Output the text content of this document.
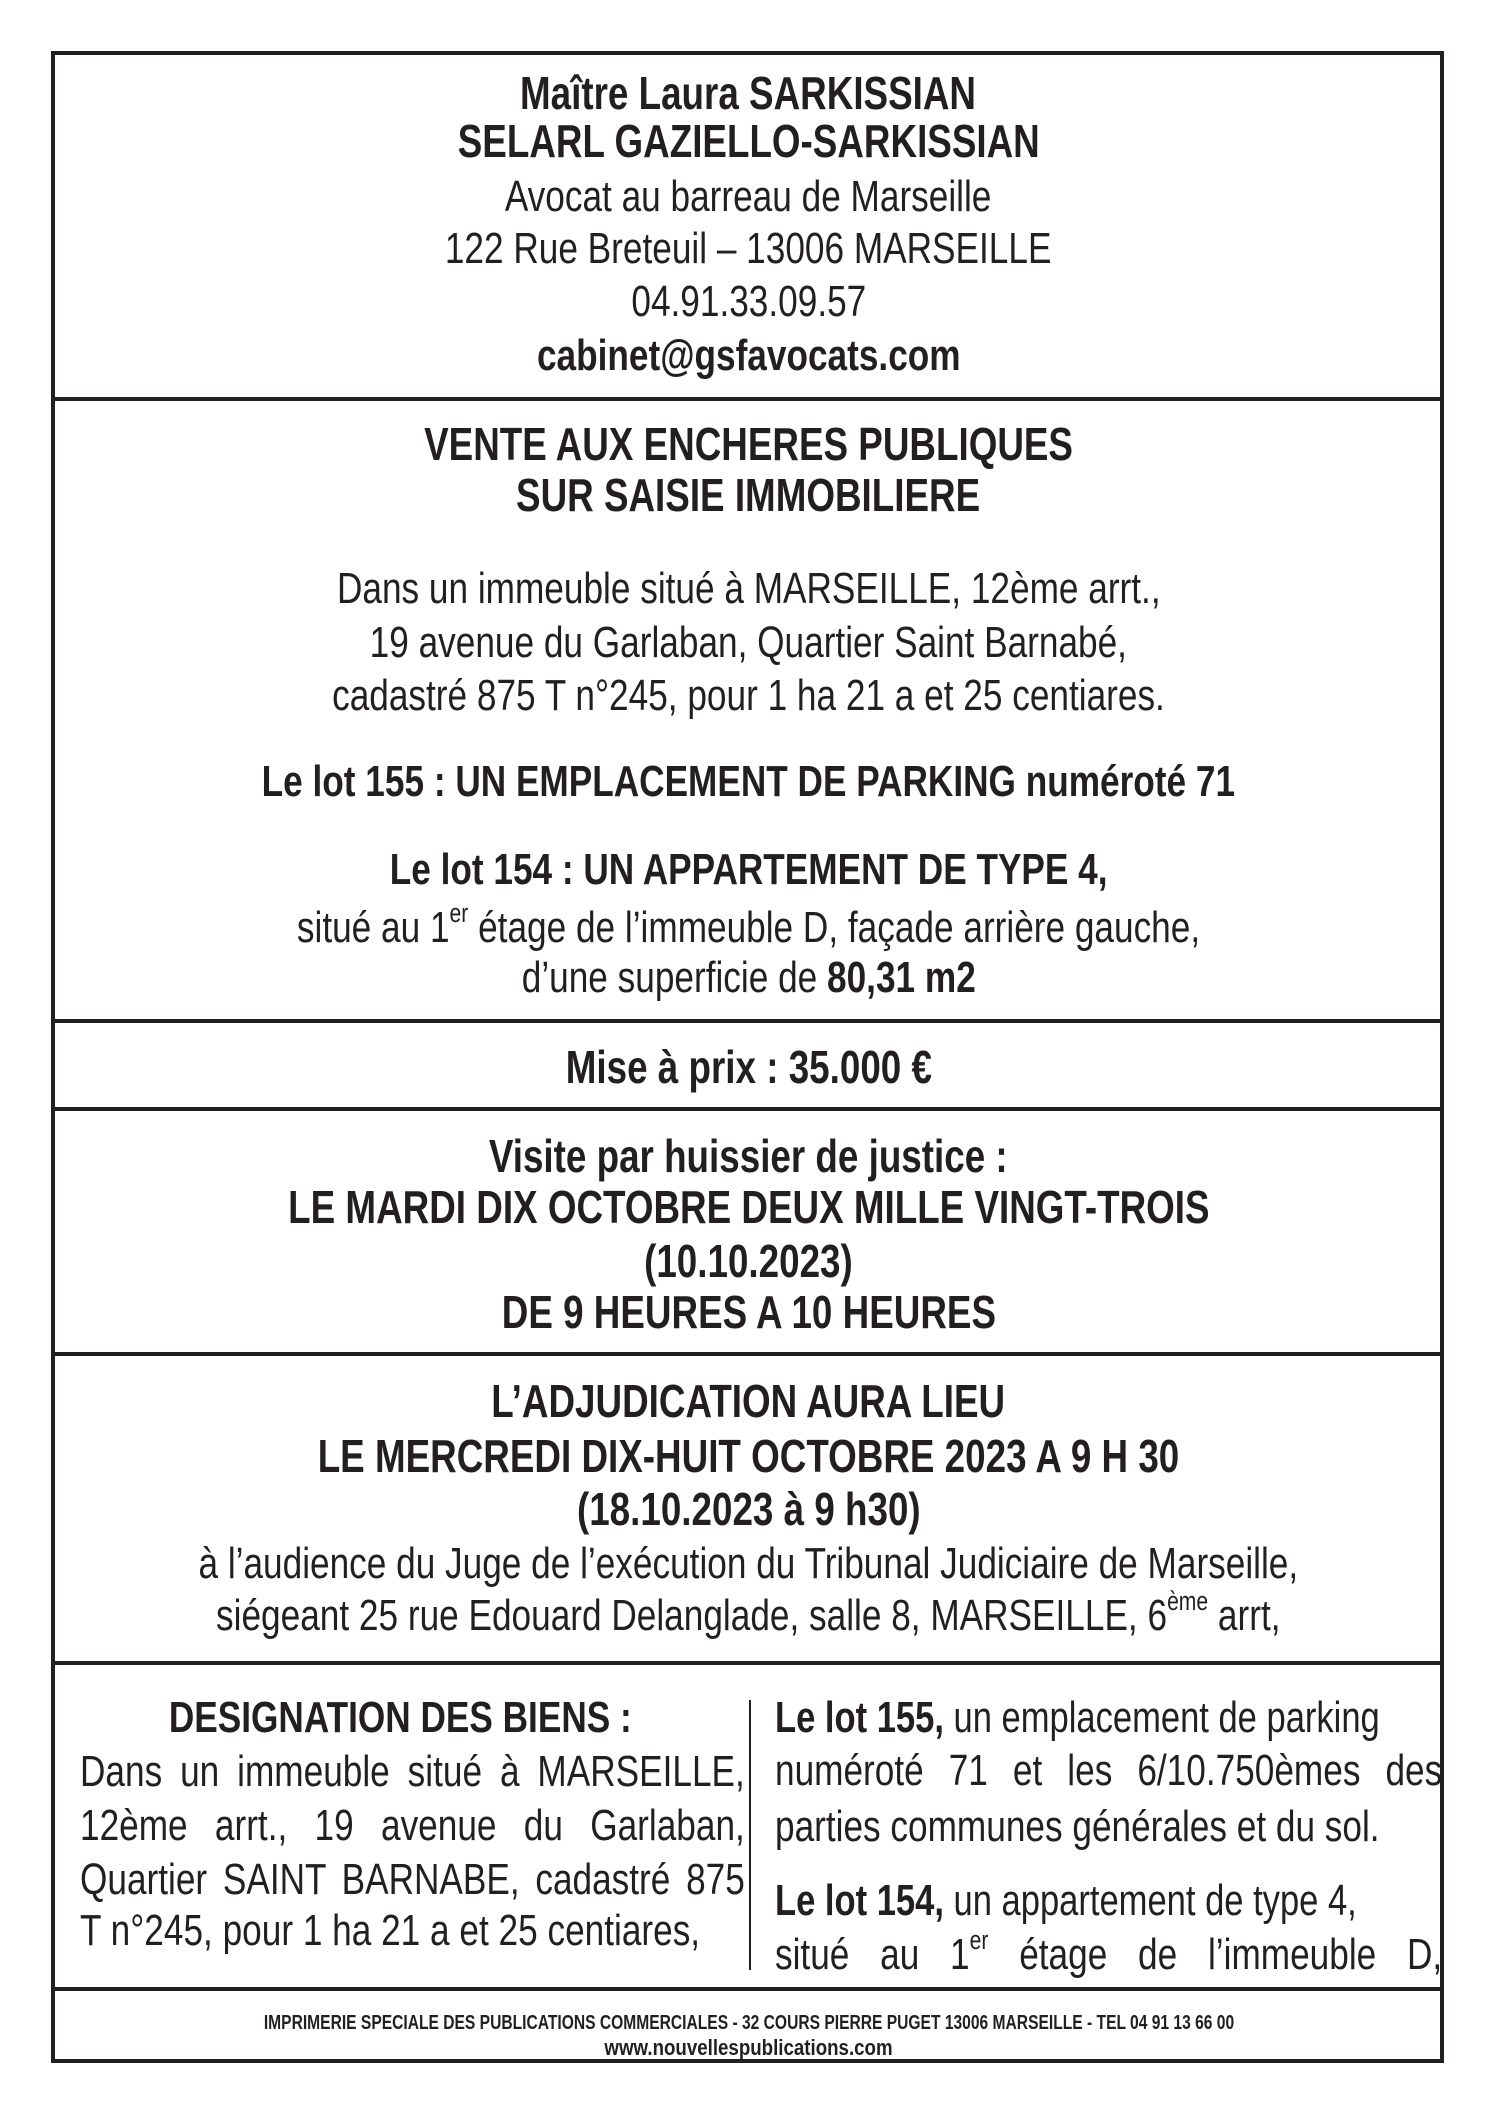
Maître Laura SARKISSIAN
SELARL GAZIELLO-SARKISSIAN
Avocat au barreau de Marseille
122 Rue Breteuil – 13006 MARSEILLE
04.91.33.09.57
cabinet@gsfavocats.com
VENTE AUX ENCHERES PUBLIQUES
SUR SAISIE IMMOBILIERE
Dans un immeuble situé à MARSEILLE, 12ème arrt.,
19 avenue du Garlaban, Quartier Saint Barnabé,
cadastré 875 T n°245, pour 1 ha 21 a et 25 centiares.
Le lot 155 : UN EMPLACEMENT DE PARKING numéroté 71
Le lot 154 : UN APPARTEMENT DE TYPE 4,
situé au 1er étage de l’immeuble D, façade arrière gauche,
d’une superficie de 80,31 m2
Mise à prix : 35.000 €
Visite par huissier de justice :
LE MARDI DIX OCTOBRE DEUX MILLE VINGT-TROIS
(10.10.2023)
DE 9 HEURES A 10 HEURES
L’ADJUDICATION AURA LIEU
LE MERCREDI DIX-HUIT OCTOBRE 2023 A 9 H 30
(18.10.2023 à 9 h30)
à l’audience du Juge de l’exécution du Tribunal Judiciaire de Marseille,
siégeant 25 rue Edouard Delanglade, salle 8, MARSEILLE, 6ème arrt,
DESIGNATION DES BIENS :
Dans un immeuble situé à MARSEILLE,
12ème arrt., 19 avenue du Garlaban,
Quartier SAINT BARNABE, cadastré 875
T n°245, pour 1 ha 21 a et 25 centiares,
Le lot 155, un emplacement de parking
numéroté 71 et les 6/10.750èmes des
parties communes générales et du sol.
Le lot 154, un appartement de type 4,
situé au 1er étage de l’immeuble D,
IMPRIMERIE SPECIALE DES PUBLICATIONS COMMERCIALES - 32 COURS PIERRE PUGET 13006 MARSEILLE - TEL 04 91 13 66 00
www.nouvellespublications.com
